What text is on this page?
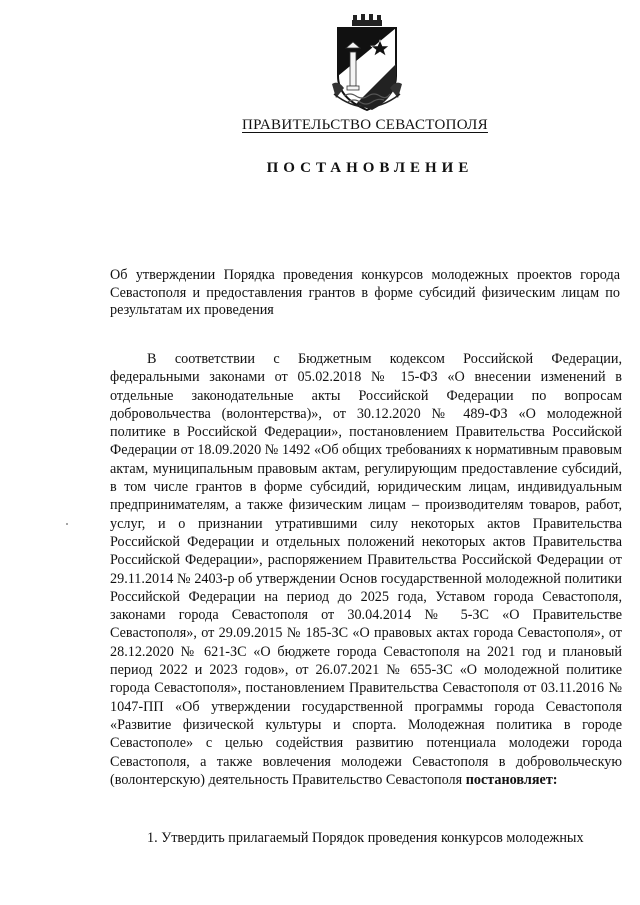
ПРАВИТЕЛЬСТВО СЕВАСТОПОЛЯ
ПОСТАНОВЛЕНИЕ
Об утверждении Порядка проведения конкурсов молодежных проектов города Севастополя и предоставления грантов в форме субсидий физическим лицам по результатам их проведения

В соответствии с Бюджетным кодексом Российской Федерации, федеральными законами от 05.02.2018 № 15-ФЗ «О внесении изменений в отдельные законодательные акты Российской Федерации по вопросам добровольчества (волонтерства)», от 30.12.2020 № 489-ФЗ «О молодежной политике в Российской Федерации», постановлением Правительства Российской Федерации от 18.09.2020 № 1492 «Об общих требованиях к нормативным правовым актам, муниципальным правовым актам, регулирующим предоставление субсидий, в том числе грантов в форме субсидий, юридическим лицам, индивидуальным предпринимателям, а также физическим лицам – производителям товаров, работ, услуг, и о признании утратившими силу некоторых актов Правительства Российской Федерации и отдельных положений некоторых актов Правительства Российской Федерации», распоряжением Правительства Российской Федерации от 29.11.2014 № 2403-р об утверждении Основ государственной молодежной политики Российской Федерации на период до 2025 года, Уставом города Севастополя, законами города Севастополя от 30.04.2014 № 5-ЗС «О Правительстве Севастополя», от 29.09.2015 № 185-ЗС «О правовых актах города Севастополя», от 28.12.2020 № 621-ЗС «О бюджете города Севастополя на 2021 год и плановый период 2022 и 2023 годов», от 26.07.2021 № 655-ЗС «О молодежной политике города Севастополя», постановлением Правительства Севастополя от 03.11.2016 № 1047-ПП «Об утверждении государственной программы города Севастополя «Развитие физической культуры и спорта. Молодежная политика в городе Севастополе» с целью содействия развитию потенциала молодежи города Севастополя, а также вовлечения молодежи Севастополя в добровольческую (волонтерскую) деятельность Правительство Севастополя постановляет:

1. Утвердить прилагаемый Порядок проведения конкурсов молодежных
